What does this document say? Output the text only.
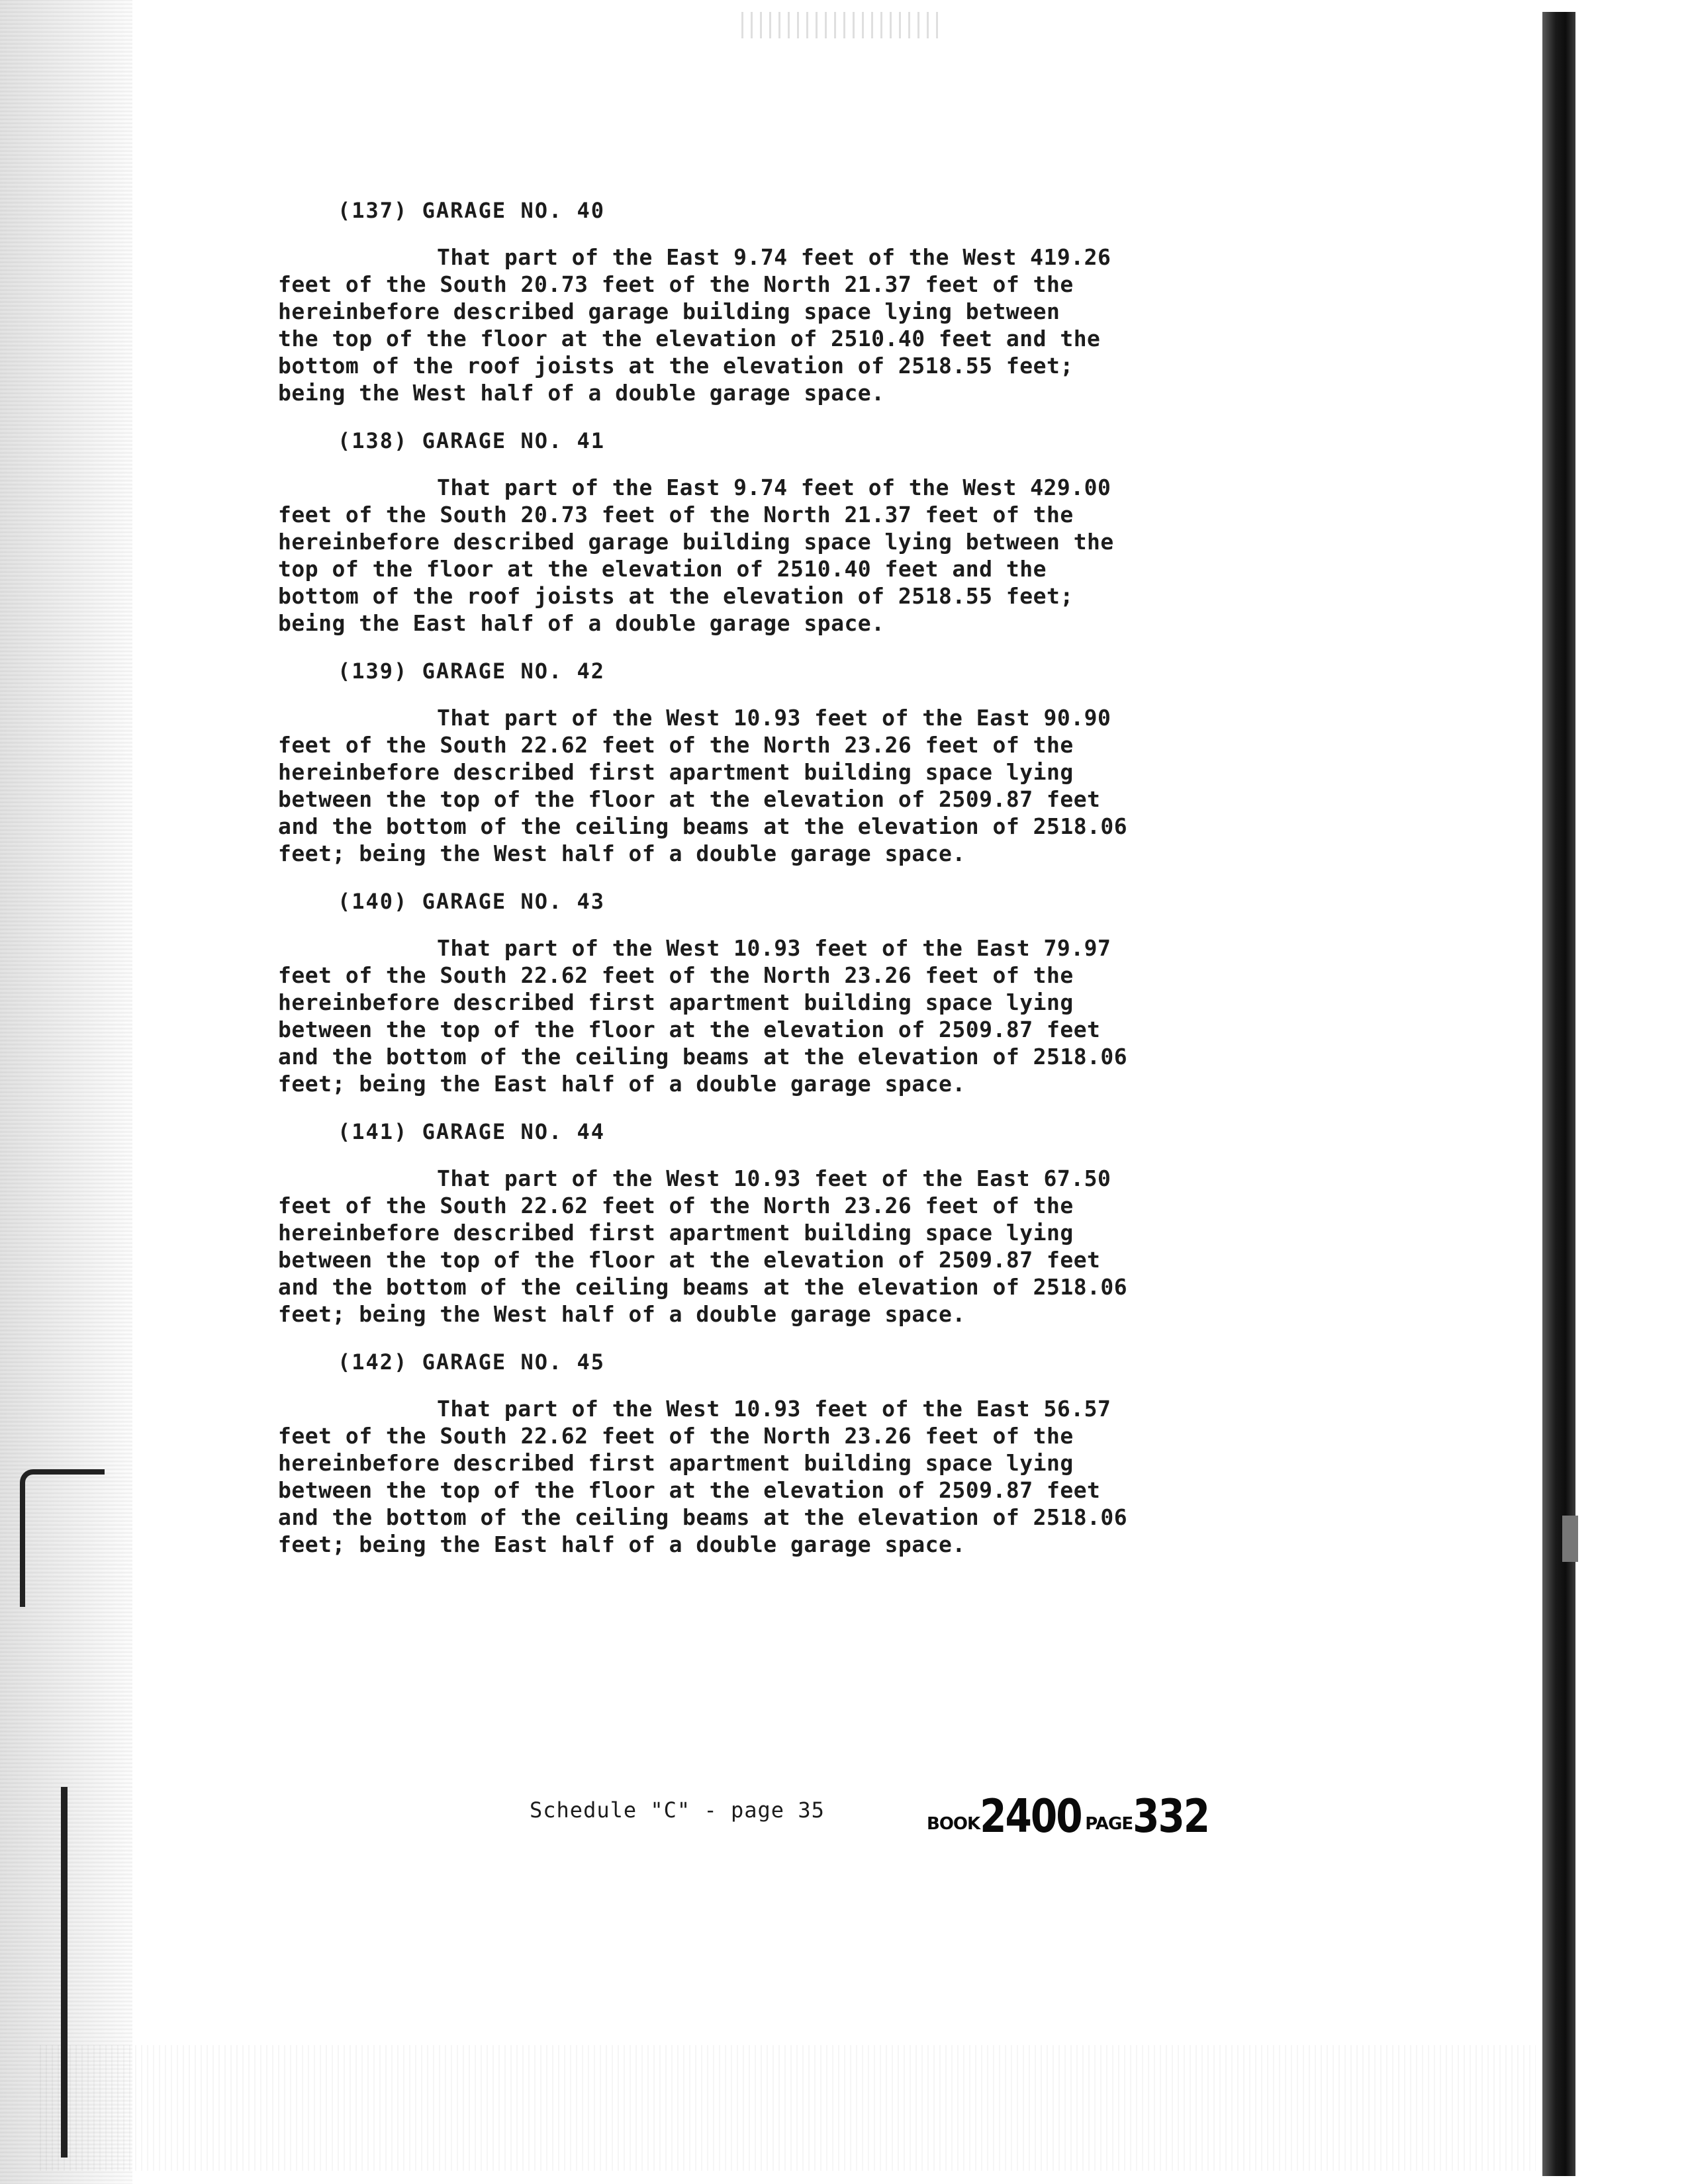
(137) GARAGE NO. 40
That part of the East 9.74 feet of the West 419.26
feet of the South 20.73 feet of the North 21.37 feet of the
hereinbefore described garage building space lying between
the top of the floor at the elevation of 2510.40 feet and the
bottom of the roof joists at the elevation of 2518.55 feet;
being the West half of a double garage space.
(138) GARAGE NO. 41
That part of the East 9.74 feet of the West 429.00
feet of the South 20.73 feet of the North 21.37 feet of the
hereinbefore described garage building space lying between the
top of the floor at the elevation of 2510.40 feet and the
bottom of the roof joists at the elevation of 2518.55 feet;
being the East half of a double garage space.
(139) GARAGE NO. 42
That part of the West 10.93 feet of the East 90.90
feet of the South 22.62 feet of the North 23.26 feet of the
hereinbefore described first apartment building space lying
between the top of the floor at the elevation of 2509.87 feet
and the bottom of the ceiling beams at the elevation of 2518.06
feet; being the West half of a double garage space.
(140) GARAGE NO. 43
That part of the West 10.93 feet of the East 79.97
feet of the South 22.62 feet of the North 23.26 feet of the
hereinbefore described first apartment building space lying
between the top of the floor at the elevation of 2509.87 feet
and the bottom of the ceiling beams at the elevation of 2518.06
feet; being the East half of a double garage space.
(141) GARAGE NO. 44
That part of the West 10.93 feet of the East 67.50
feet of the South 22.62 feet of the North 23.26 feet of the
hereinbefore described first apartment building space lying
between the top of the floor at the elevation of 2509.87 feet
and the bottom of the ceiling beams at the elevation of 2518.06
feet; being the West half of a double garage space.
(142) GARAGE NO. 45
That part of the West 10.93 feet of the East 56.57
feet of the South 22.62 feet of the North 23.26 feet of the
hereinbefore described first apartment building space lying
between the top of the floor at the elevation of 2509.87 feet
and the bottom of the ceiling beams at the elevation of 2518.06
feet; being the East half of a double garage space.
Schedule "C" - page 35
BOOK2400 PAGE332
